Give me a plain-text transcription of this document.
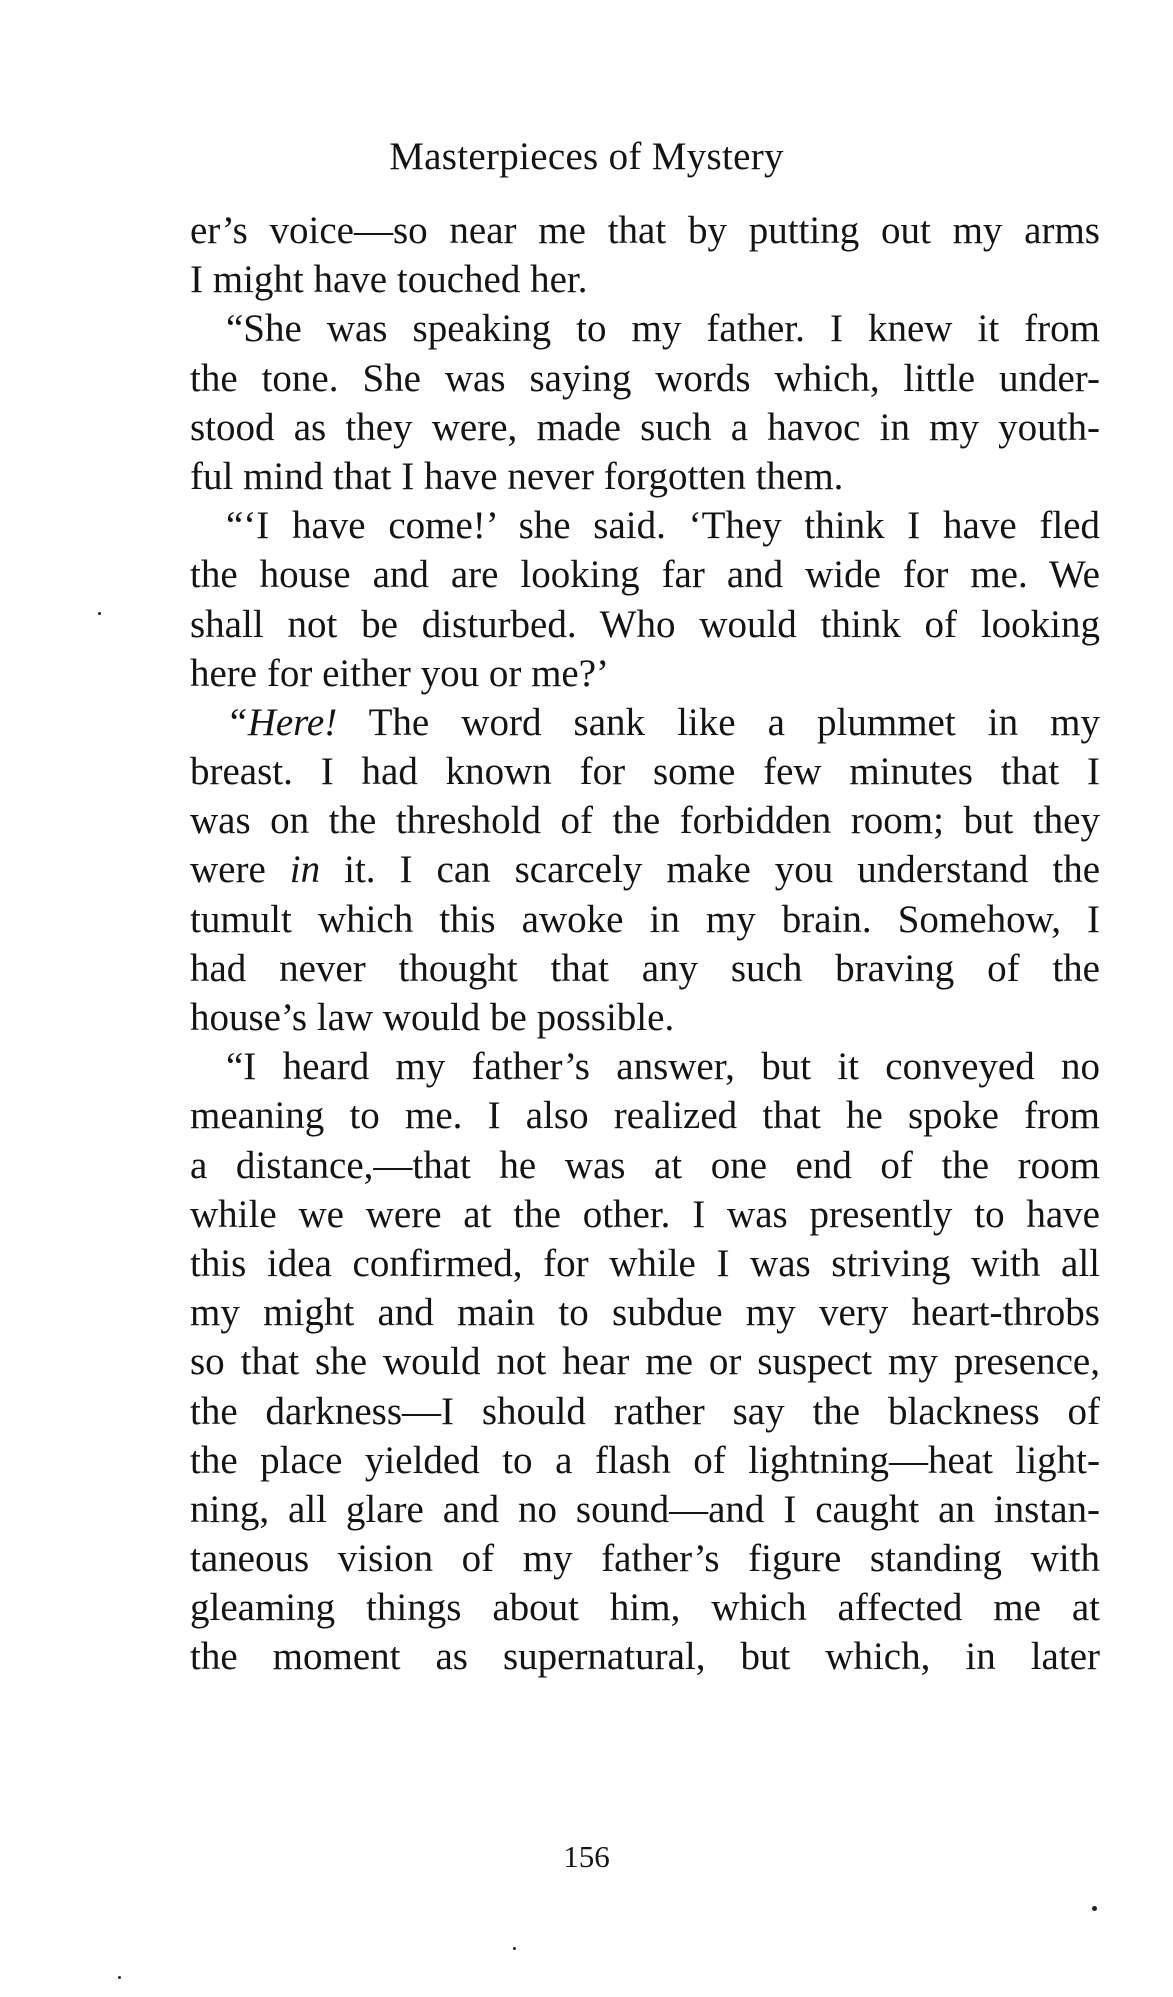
Masterpieces of Mystery
er’s voice—so near me that by putting out my arms
I might have touched her.
“She was speaking to my father. I knew it from
the tone. She was saying words which, little under-
stood as they were, made such a havoc in my youth-
ful mind that I have never forgotten them.
“‘I have come!’ she said. ‘They think I have fled
the house and are looking far and wide for me. We
shall not be disturbed. Who would think of looking
here for either you or me?’
“Here! The word sank like a plummet in my
breast. I had known for some few minutes that I
was on the threshold of the forbidden room; but they
were in it. I can scarcely make you understand the
tumult which this awoke in my brain. Somehow, I
had never thought that any such braving of the
house’s law would be possible.
“I heard my father’s answer, but it conveyed no
meaning to me. I also realized that he spoke from
a distance,—that he was at one end of the room
while we were at the other. I was presently to have
this idea confirmed, for while I was striving with all
my might and main to subdue my very heart-throbs
so that she would not hear me or suspect my presence,
the darkness—I should rather say the blackness of
the place yielded to a flash of lightning—heat light-
ning, all glare and no sound—and I caught an instan-
taneous vision of my father’s figure standing with
gleaming things about him, which affected me at
the moment as supernatural, but which, in later
156
